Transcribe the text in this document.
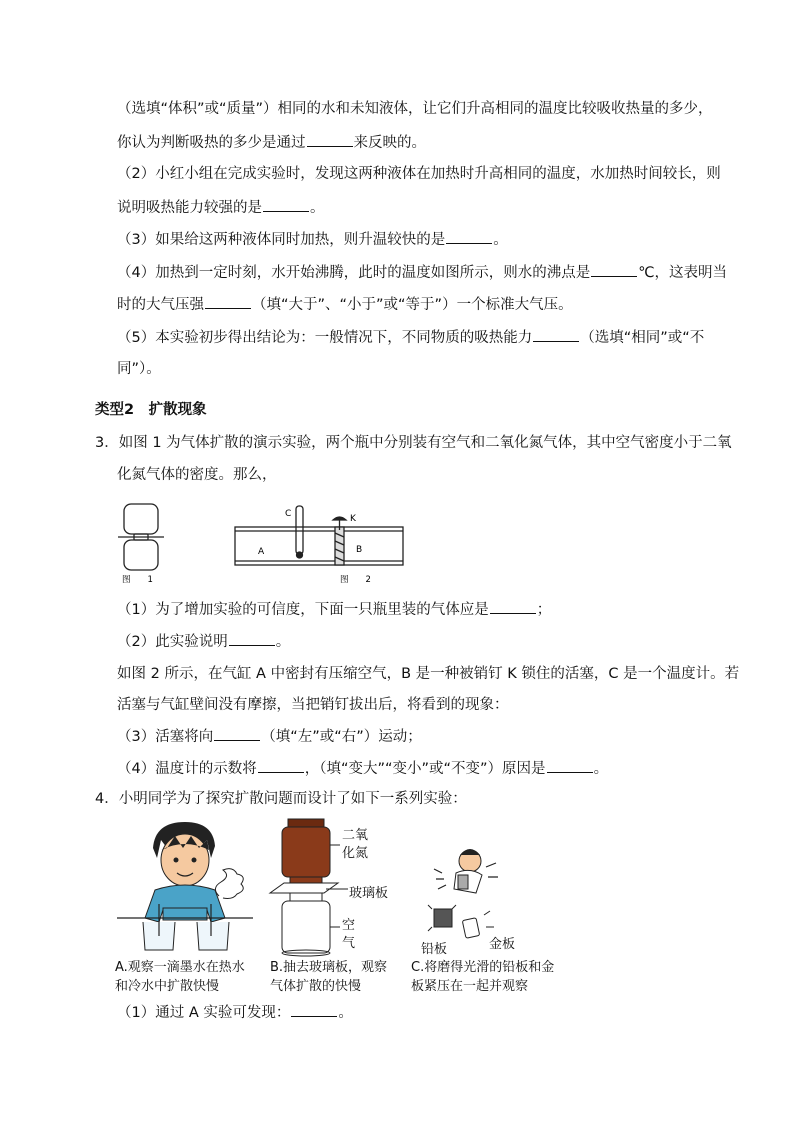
（选填“体积”或“质量”）相同的水和未知液体，让它们升高相同的温度比较吸收热量的多少，
你认为判断吸热的多少是通过	来反映的。
（2）小红小组在完成实验时，发现这两种液体在加热时升高相同的温度，水加热时间较长，则
说明吸热能力较强的是	。
（3）如果给这两种液体同时加热，则升温较快的是	。
（4）加热到一定时刻，水开始沸腾，此时的温度如图所示，则水的沸点是	℃，这表明当
时的大气压强	（填“大于”、“小于”或“等于”）一个标准大气压。
（5）本实验初步得出结论为：一般情况下，不同物质的吸热能力	（选填“相同”或“不
同”）。
类型2　扩散现象
3．如图 1 为气体扩散的演示实验，两个瓶中分别装有空气和二氧化氮气体，其中空气密度小于二氧
化氮气体的密度。那么，
C	K
A	B
图　　1	图　　2
（1）为了增加实验的可信度，下面一只瓶里装的气体应是	；
（2）此实验说明	。
如图 2 所示，在气缸 A 中密封有压缩空气，B 是一种被销钉 K 锁住的活塞，C 是一个温度计。若
活塞与气缸壁间没有摩擦，当把销钉拔出后，将看到的现象：
（3）活塞将向	（填“左”或“右”）运动；
（4）温度计的示数将	，（填“变大”“变小”或“不变”）原因是	。
4．小明同学为了探究扩散问题而设计了如下一系列实验：
二氧
化氮
玻璃板
空
气	铅板	金板
A.观察一滴墨水在热水
和冷水中扩散快慢
B.抽去玻璃板，观察
气体扩散的快慢
C.将磨得光滑的铅板和金
板紧压在一起并观察
（1）通过 A 实验可发现：	。
